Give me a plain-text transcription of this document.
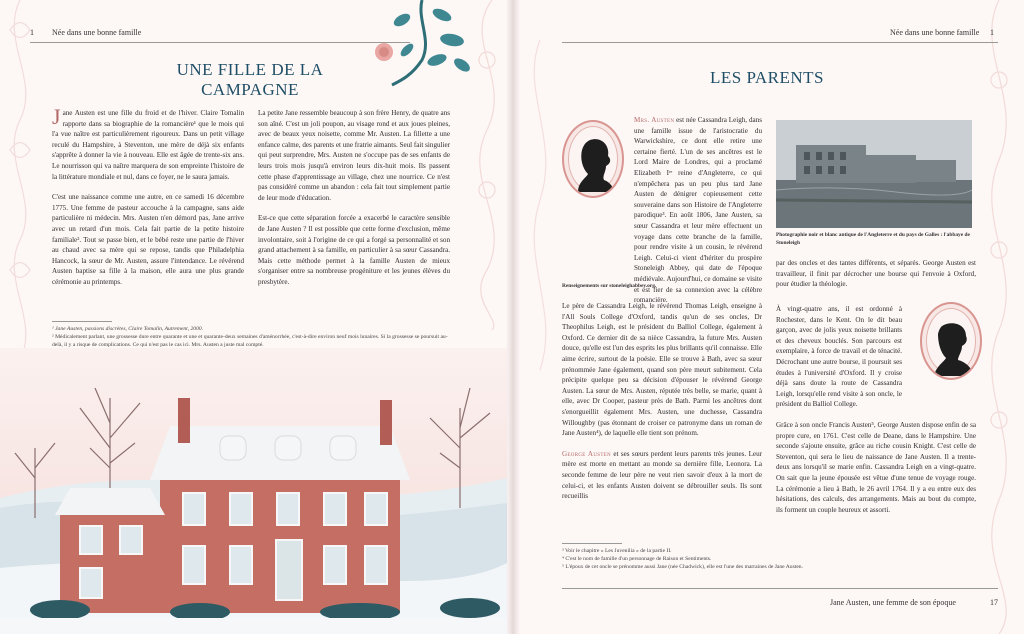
1 Née dans une bonne famille
UNE FILLE DE LA CAMPAGNE

Jane Austen est une fille du froid et de l'hiver. Claire Tomalin rapporte dans sa biographie de la romancière¹ que le mois qui l'a vue naître est particulièrement rigoureux. Dans un petit village reculé du Hampshire, à Steventon, une mère de déjà six enfants s'apprête à donner la vie à nouveau. Elle est âgée de trente-six ans. Le nourrisson qui va naître marquera de son empreinte l'histoire de la littérature mondiale et nul, dans ce foyer, ne le saura jamais.

C'est une naissance comme une autre, en ce samedi 16 décembre 1775. Une femme de pasteur accouche à la campagne, sans aide particulière ni médecin. Mrs. Austen n'en démord pas, Jane arrive avec un retard d'un mois. Cela fait partie de la petite histoire familiale². Tout se passe bien, et le bébé reste une partie de l'hiver au chaud avec sa mère qui se repose, tandis que Philadelphia Hancock, la sœur de Mr. Austen, assure l'intendance. Le révérend Austen baptise sa fille à la maison, elle aura une plus grande cérémonie au printemps.

La petite Jane ressemble beaucoup à son frère Henry, de quatre ans son aîné. C'est un joli poupon, au visage rond et aux joues pleines, avec de beaux yeux noisette, comme Mr. Austen. La fillette a une enfance calme, des parents et une fratrie aimants. Seul fait singulier qui peut surprendre, Mrs. Austen ne s'occupe pas de ses enfants de leurs trois mois jusqu'à environ leurs dix-huit mois. Ils passent cette phase d'apprentissage au village, chez une nourrice. Ce n'est pas considéré comme un abandon : cela fait tout simplement partie de leur mode d'éducation.

Est-ce que cette séparation forcée a exacerbé le caractère sensible de Jane Austen ? Il est possible que cette forme d'exclusion, même involontaire, soit à l'origine de ce qui a forgé sa personnalité et son grand attachement à sa famille, en particulier à sa sœur Cassandra. Mais cette méthode permet à la famille Austen de mieux s'organiser entre sa nombreuse progéniture et les jeunes élèves du presbytère.

¹ Jane Austen, passions discrètes, Claire Tomalin, Autrement, 2000.
² Médicalement parlant, une grossesse dure entre quarante et une et quarante-deux semaines d'aménorrhée, c'est-à-dire environ neuf mois lunaires. Si la grossesse se poursuit au-delà, il y a risque de complications. Ce qui n'est pas le cas ici. Mrs. Austen a juste mal compté.
Née dans une bonne famille 1
LES PARENTS

Mrs. Austen est née Cassandra Leigh, dans une famille issue de l'aristocratie du Warwickshire, ce dont elle retire une certaine fierté. L'un de ses ancêtres est le Lord Maire de Londres, qui a proclamé Elizabeth Iʳᵉ reine d'Angleterre, ce qui n'empêchera pas un peu plus tard Jane Austen de dénigrer copieusement cette souveraine dans son Histoire de l'Angleterre parodique³. En août 1806, Jane Austen, sa sœur Cassandra et leur mère effectuent un voyage dans cette branche de la famille, pour rendre visite à un cousin, le révérend Leigh. Celui-ci vient d'hériter du prospère Stoneleigh Abbey, qui date de l'époque médiévale. Aujourd'hui, ce domaine se visite et est fier de sa connexion avec la célèbre romancière.

Renseignements sur stoneleighabbey.org.

Le père de Cassandra Leigh, le révérend Thomas Leigh, enseigne à l'All Souls College d'Oxford, tandis qu'un de ses oncles, Dr Theophilus Leigh, est le président du Balliol College, également à Oxford. Ce dernier dit de sa nièce Cassandra, la future Mrs. Austen douce, qu'elle est l'un des esprits les plus brillants qu'il connaisse. Elle aime écrire, surtout de la poésie. Elle se trouve à Bath, avec sa sœur prénommée Jane également, quand son père meurt subitement. Cela précipite quelque peu sa décision d'épouser le révérend George Austen. La sœur de Mrs. Austen, réputée très belle, se marie, quant à elle, avec Dr Cooper, pasteur près de Bath. Parmi les ancêtres dont s'enorgueillit également Mrs. Austen, une duchesse, Cassandra Willoughby (pas étonnant de croiser ce patronyme dans un roman de Jane Austen⁴), de laquelle elle tient son prénom.

George Austen et ses sœurs perdent leurs parents très jeunes. Leur mère est morte en mettant au monde sa dernière fille, Leonora. La seconde femme de leur père ne veut rien savoir d'eux à la mort de celui-ci, et les enfants Austen doivent se débrouiller seuls. Ils sont recueillis

Photographie noir et blanc antique de l'Angleterre et du pays de Galles : l'abbaye de Stoneleigh

par des oncles et des tantes différents, et séparés. George Austen est travailleur, il finit par décrocher une bourse qui l'envoie à Oxford, pour étudier la théologie.

À vingt-quatre ans, il est ordonné à Rochester, dans le Kent. On le dit beau garçon, avec de jolis yeux noisette brillants et des cheveux bouclés. Son parcours est exemplaire, à force de travail et de ténacité. Décrochant une autre bourse, il poursuit ses études à l'université d'Oxford. Il y croise déjà sans doute la route de Cassandra Leigh, lorsqu'elle rend visite à son oncle, le président du Balliol College.

Grâce à son oncle Francis Austen⁵, George Austen dispose enfin de sa propre cure, en 1761. C'est celle de Deane, dans le Hampshire. Une seconde s'ajoute ensuite, grâce au riche cousin Knight. C'est celle de Steventon, qui sera le lieu de naissance de Jane Austen. Il a trente-deux ans lorsqu'il se marie enfin. Cassandra Leigh en a vingt-quatre. On sait que la jeune épousée est vêtue d'une tenue de voyage rouge. La cérémonie a lieu à Bath, le 26 avril 1764. Il y a eu entre eux des hésitations, des calculs, des arrangements. Mais au bout du compte, ils forment un couple heureux et assorti.

³ Voir le chapitre « Les Juvenilia » de la partie II.
⁴ C'est le nom de famille d'un personnage de Raison et Sentiments.
⁵ L'époux de cet oncle se prénomme aussi Jane (née Chadwick), elle est l'une des marraines de Jane Austen.
Jane Austen, une femme de son époque	17
